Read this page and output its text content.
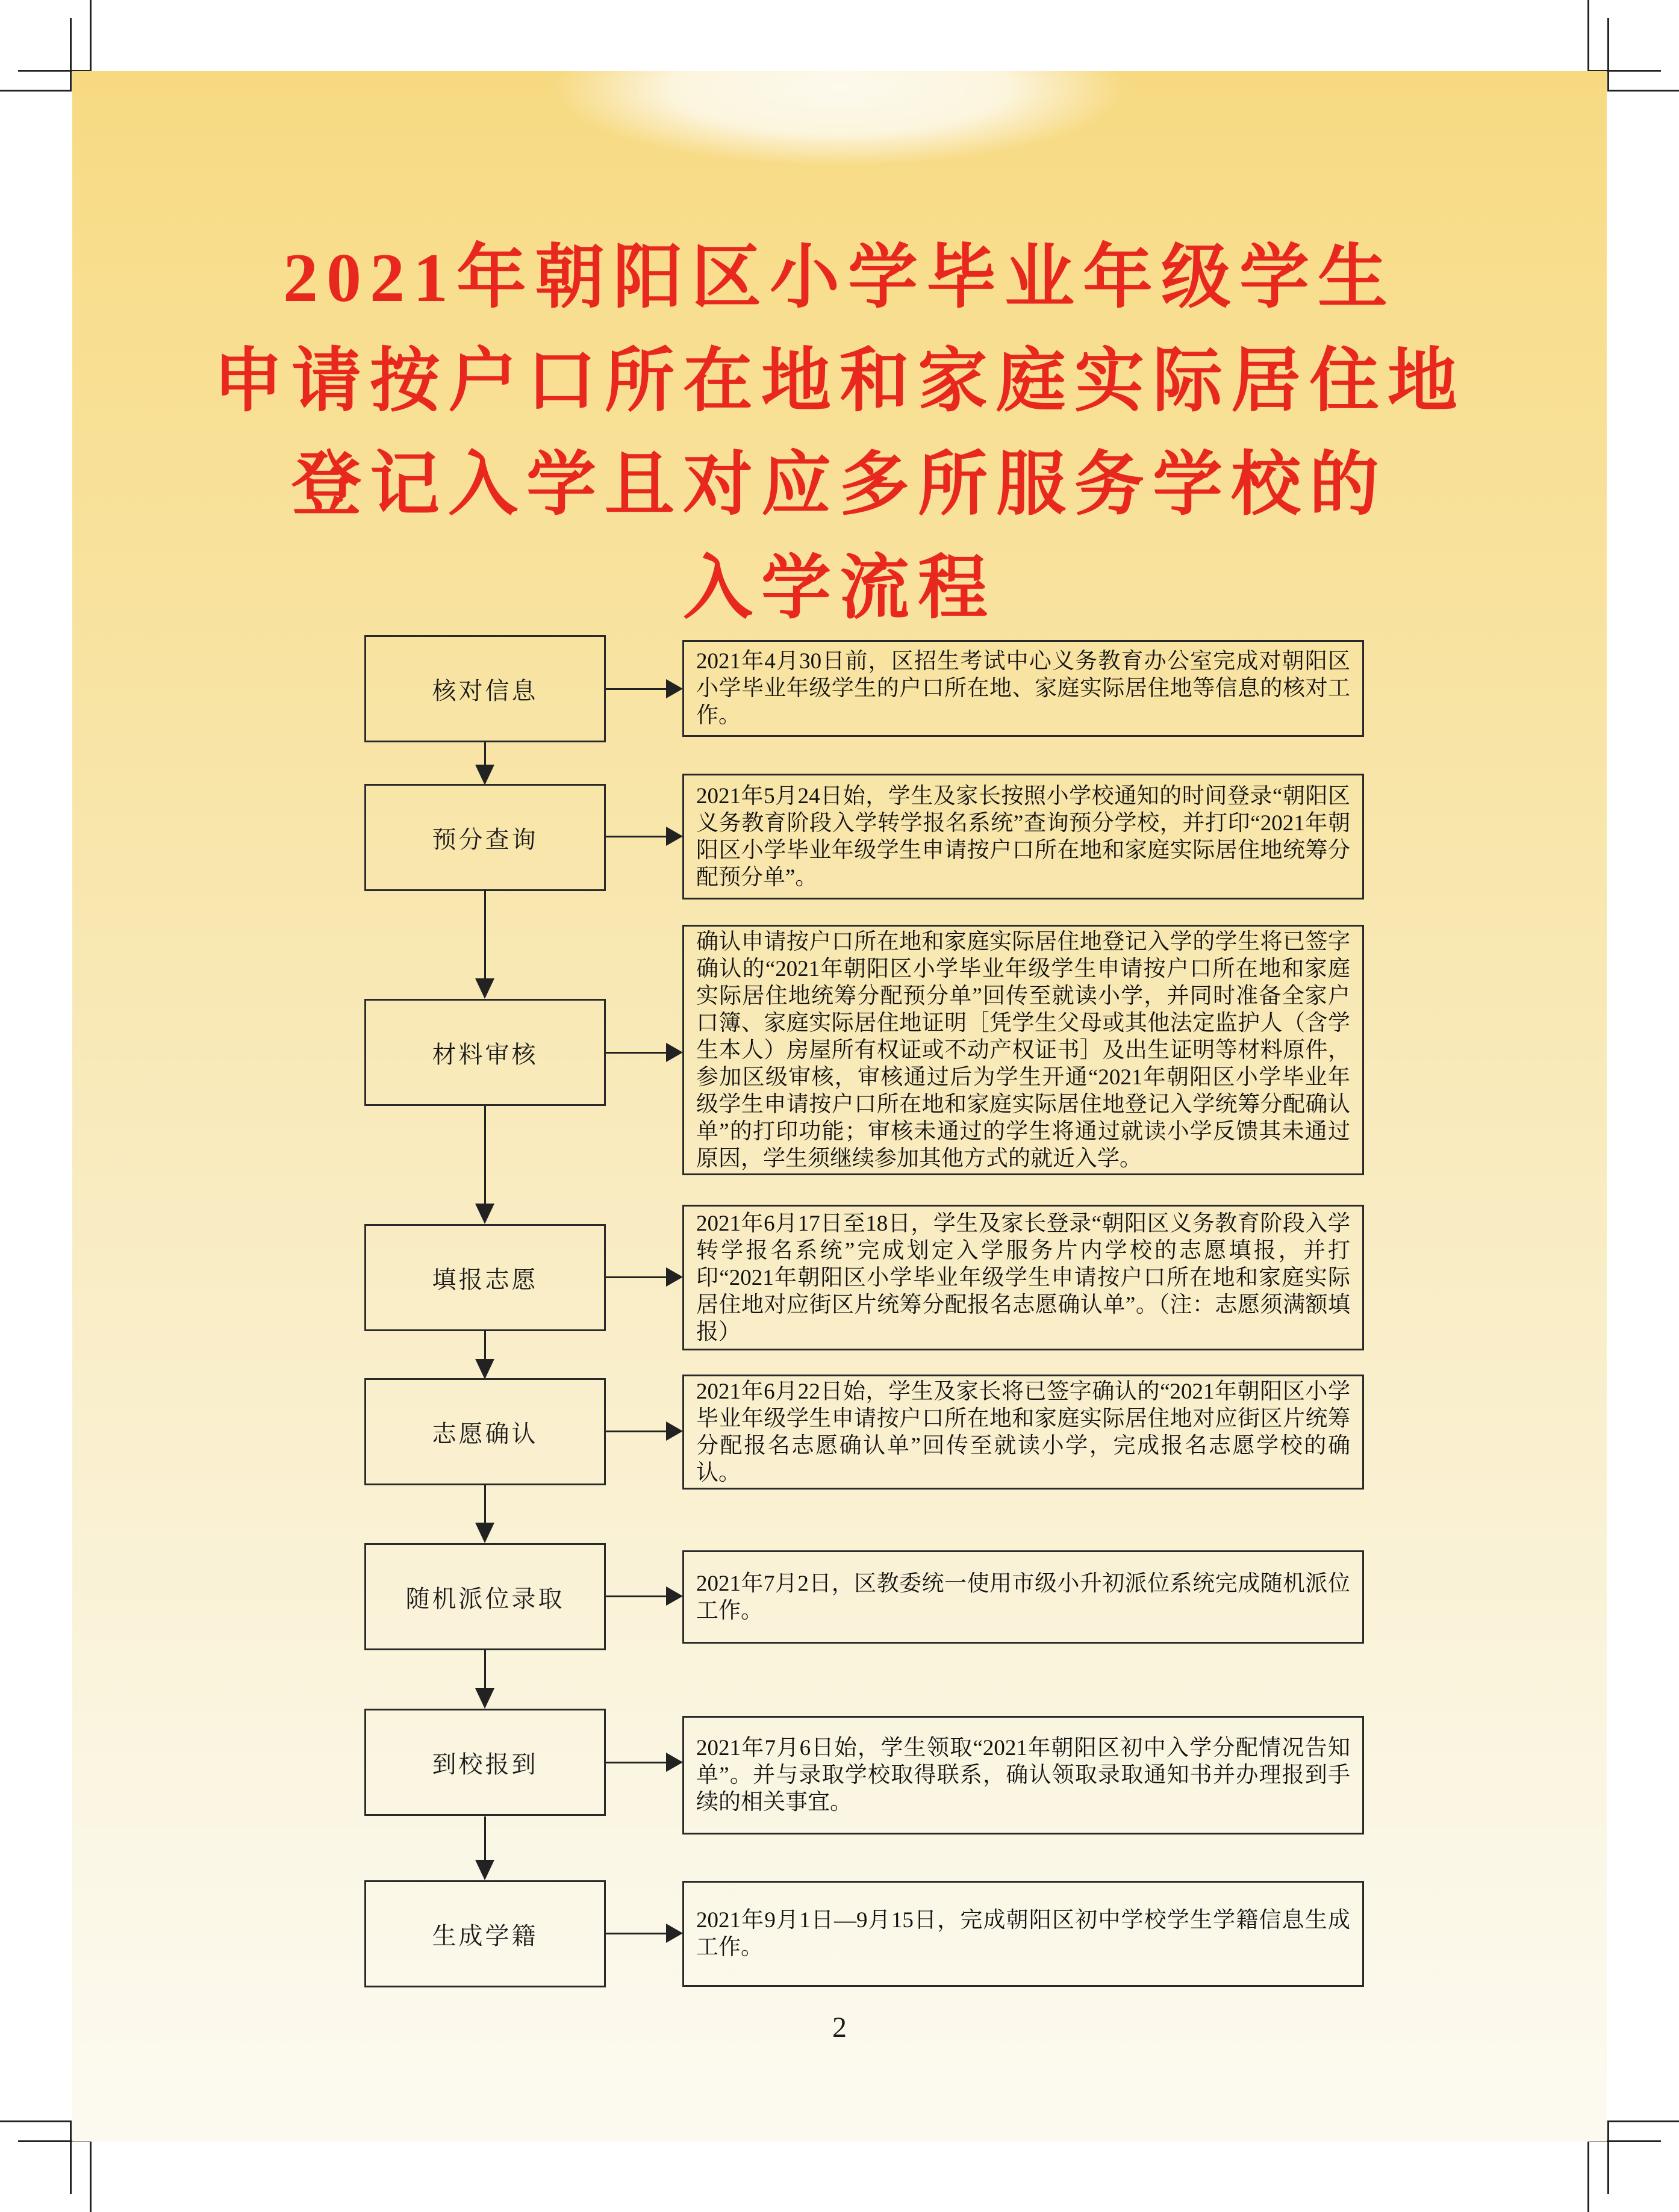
2021年朝阳区小学毕业年级学生
申请按户口所在地和家庭实际居住地
登记入学且对应多所服务学校的
入学流程
核对信息

2021年4月30日前，区招生考试中心义务教育办公室完成对朝阳区小学毕业年级学生的户口所在地、家庭实际居住地等信息的核对工作。

预分查询

2021年5月24日始，学生及家长按照小学校通知的时间登录“朝阳区义务教育阶段入学转学报名系统”查询预分学校，并打印“2021年朝阳区小学毕业年级学生申请按户口所在地和家庭实际居住地统筹分配预分单”。

材料审核

确认申请按户口所在地和家庭实际居住地登记入学的学生将已签字确认的“2021年朝阳区小学毕业年级学生申请按户口所在地和家庭实际居住地统筹分配预分单”回传至就读小学，并同时准备全家户口簿、家庭实际居住地证明［凭学生父母或其他法定监护人（含学生本人）房屋所有权证或不动产权证书］及出生证明等材料原件，参加区级审核，审核通过后为学生开通“2021年朝阳区小学毕业年级学生申请按户口所在地和家庭实际居住地登记入学统筹分配确认单”的打印功能；审核未通过的学生将通过就读小学反馈其未通过原因，学生须继续参加其他方式的就近入学。

填报志愿

2021年6月17日至18日，学生及家长登录“朝阳区义务教育阶段入学转学报名系统”完成划定入学服务片内学校的志愿填报，并打印“2021年朝阳区小学毕业年级学生申请按户口所在地和家庭实际居住地对应街区片统筹分配报名志愿确认单”。（注：志愿须满额填报）

志愿确认

2021年6月22日始，学生及家长将已签字确认的“2021年朝阳区小学毕业年级学生申请按户口所在地和家庭实际居住地对应街区片统筹分配报名志愿确认单”回传至就读小学，完成报名志愿学校的确认。

随机派位录取

2021年7月2日，区教委统一使用市级小升初派位系统完成随机派位工作。

到校报到

2021年7月6日始，学生领取“2021年朝阳区初中入学分配情况告知单”。并与录取学校取得联系，确认领取录取通知书并办理报到手续的相关事宜。

生成学籍

2021年9月1日—9月15日，完成朝阳区初中学校学生学籍信息生成工作。

2
